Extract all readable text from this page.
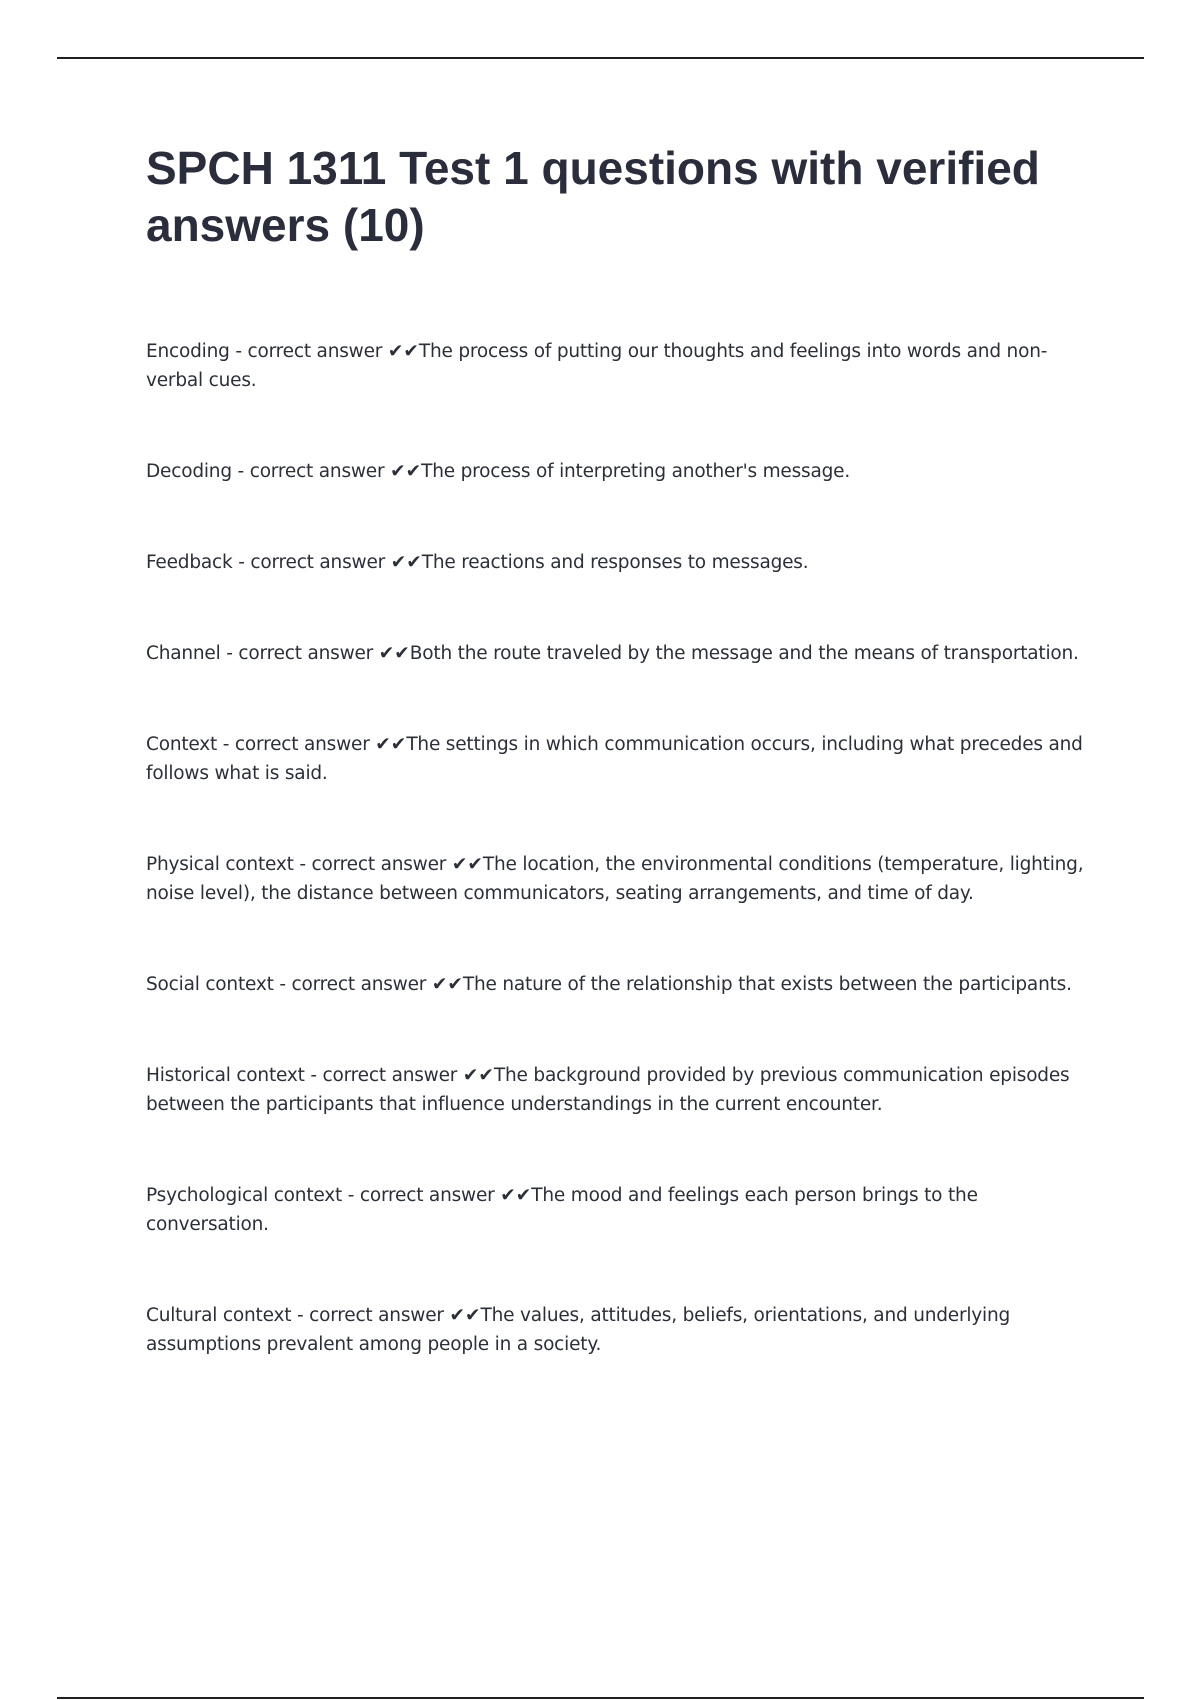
SPCH 1311 Test 1 questions with verified answers (10)

Encoding - correct answer ✔✔The process of putting our thoughts and feelings into words and non-verbal cues.

Decoding - correct answer ✔✔The process of interpreting another's message.

Feedback - correct answer ✔✔The reactions and responses to messages.

Channel - correct answer ✔✔Both the route traveled by the message and the means of transportation.

Context - correct answer ✔✔The settings in which communication occurs, including what precedes and follows what is said.

Physical context - correct answer ✔✔The location, the environmental conditions (temperature, lighting, noise level), the distance between communicators, seating arrangements, and time of day.

Social context - correct answer ✔✔The nature of the relationship that exists between the participants.

Historical context - correct answer ✔✔The background provided by previous communication episodes between the participants that influence understandings in the current encounter.

Psychological context - correct answer ✔✔The mood and feelings each person brings to the conversation.

Cultural context - correct answer ✔✔The values, attitudes, beliefs, orientations, and underlying assumptions prevalent among people in a society.
